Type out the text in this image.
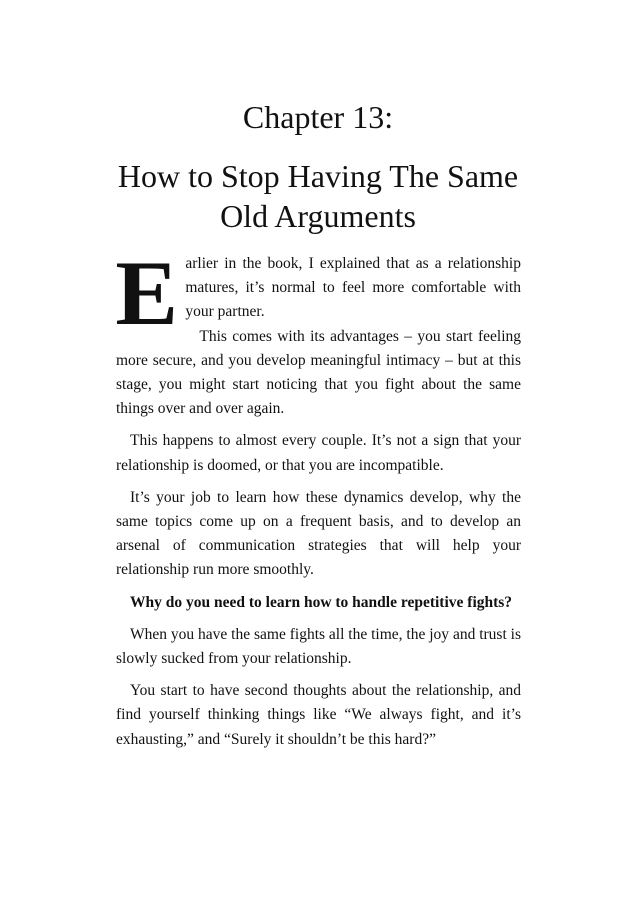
Chapter 13:
How to Stop Having The Same Old Arguments

Earlier in the book, I explained that as a relationship matures, it’s normal to feel more comfortable with your partner.

This comes with its advantages – you start feeling more secure, and you develop meaningful intimacy – but at this stage, you might start noticing that you fight about the same things over and over again.

This happens to almost every couple. It’s not a sign that your relationship is doomed, or that you are incompatible.

It’s your job to learn how these dynamics develop, why the same topics come up on a frequent basis, and to develop an arsenal of communication strategies that will help your relationship run more smoothly.

Why do you need to learn how to handle repetitive fights?

When you have the same fights all the time, the joy and trust is slowly sucked from your relationship.

You start to have second thoughts about the relationship, and find yourself thinking things like “We always fight, and it’s exhausting,” and “Surely it shouldn’t be this hard?”
